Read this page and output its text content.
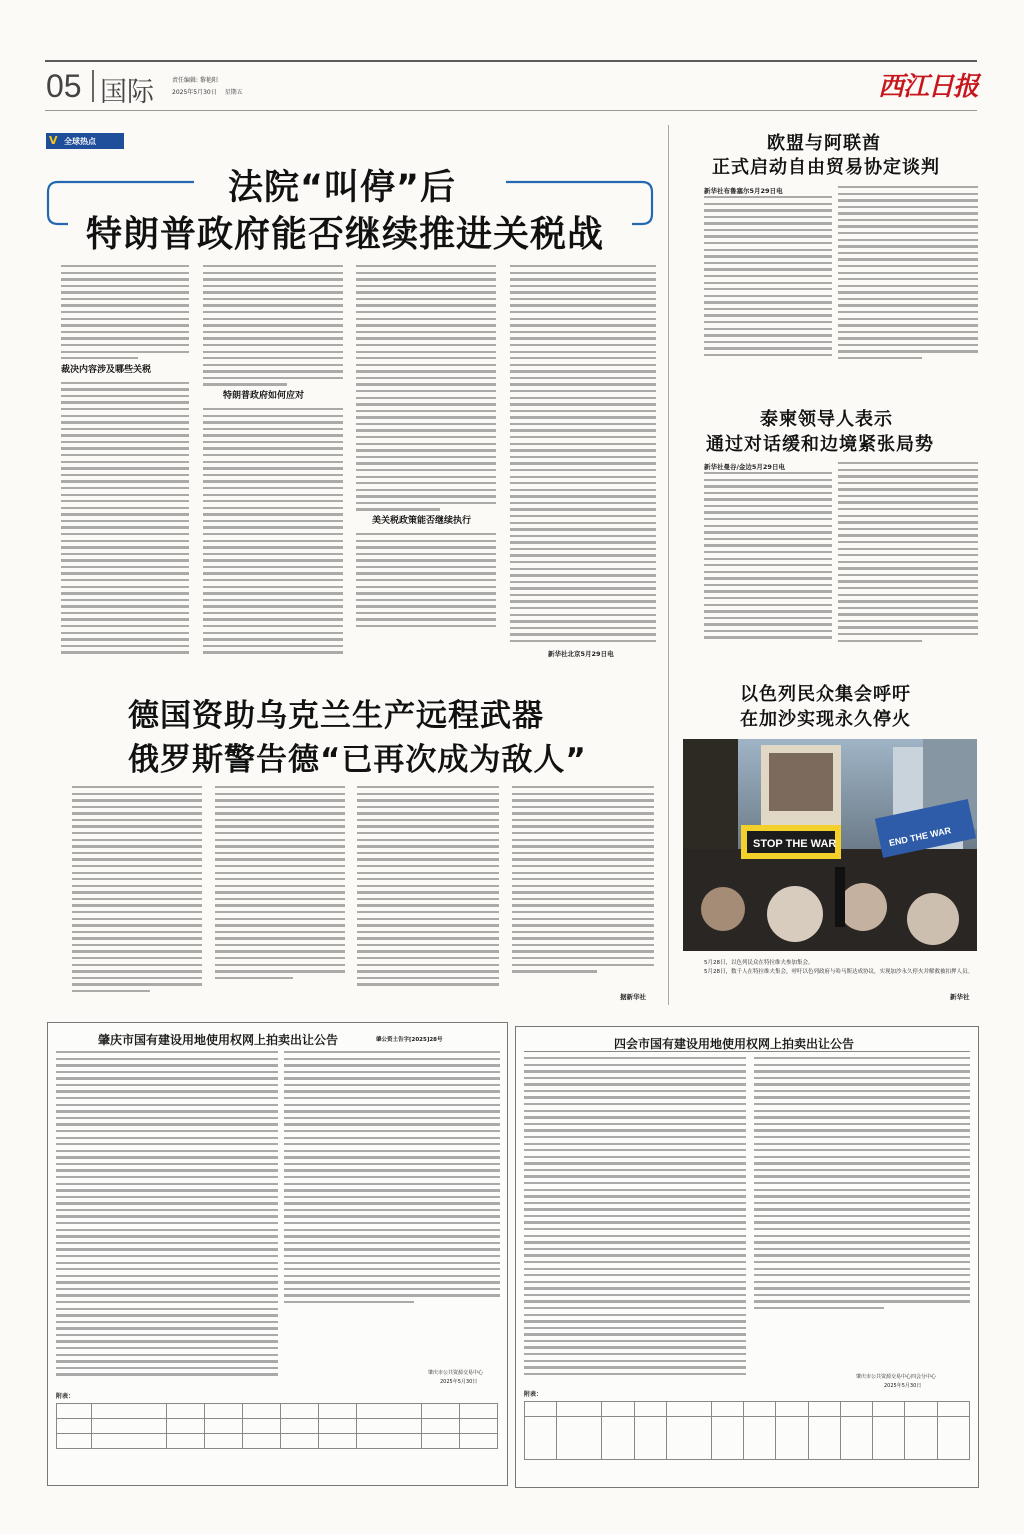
05 国际	责任编辑: 黎艳阳
2025年5月30日 星期五	西江日报
V 全球热点
法院“叫停”后
特朗普政府能否继续推进关税战
裁决内容涉及哪些关税
特朗普政府如何应对
美关税政策能否继续执行
新华社北京5月29日电
欧盟与阿联酋
正式启动自由贸易协定谈判
新华社布鲁塞尔5月29日电
泰柬领导人表示
通过对话缓和边境紧张局势
新华社曼谷/金边5月29日电
德国资助乌克兰生产远程武器
俄罗斯警告德“已再次成为敌人”
据新华社
以色列民众集会呼吁
在加沙实现永久停火
STOP THE WAR	END THE WAR
5月28日，以色列民众在特拉维夫参加集会。
5月28日，数千人在特拉维夫集会，呼吁以色列政府与哈马斯达成协议，实现加沙永久停火并解救被扣押人员。
新华社
肇庆市国有建设用地使用权网上拍卖出让公告	肇公资土告字[2025]28号
肇庆市公共资源交易中心
2025年5月30日
附表：

四会市国有建设用地使用权网上拍卖出让公告
肇庆市公共资源交易中心四会分中心
2025年5月30日
附表：
